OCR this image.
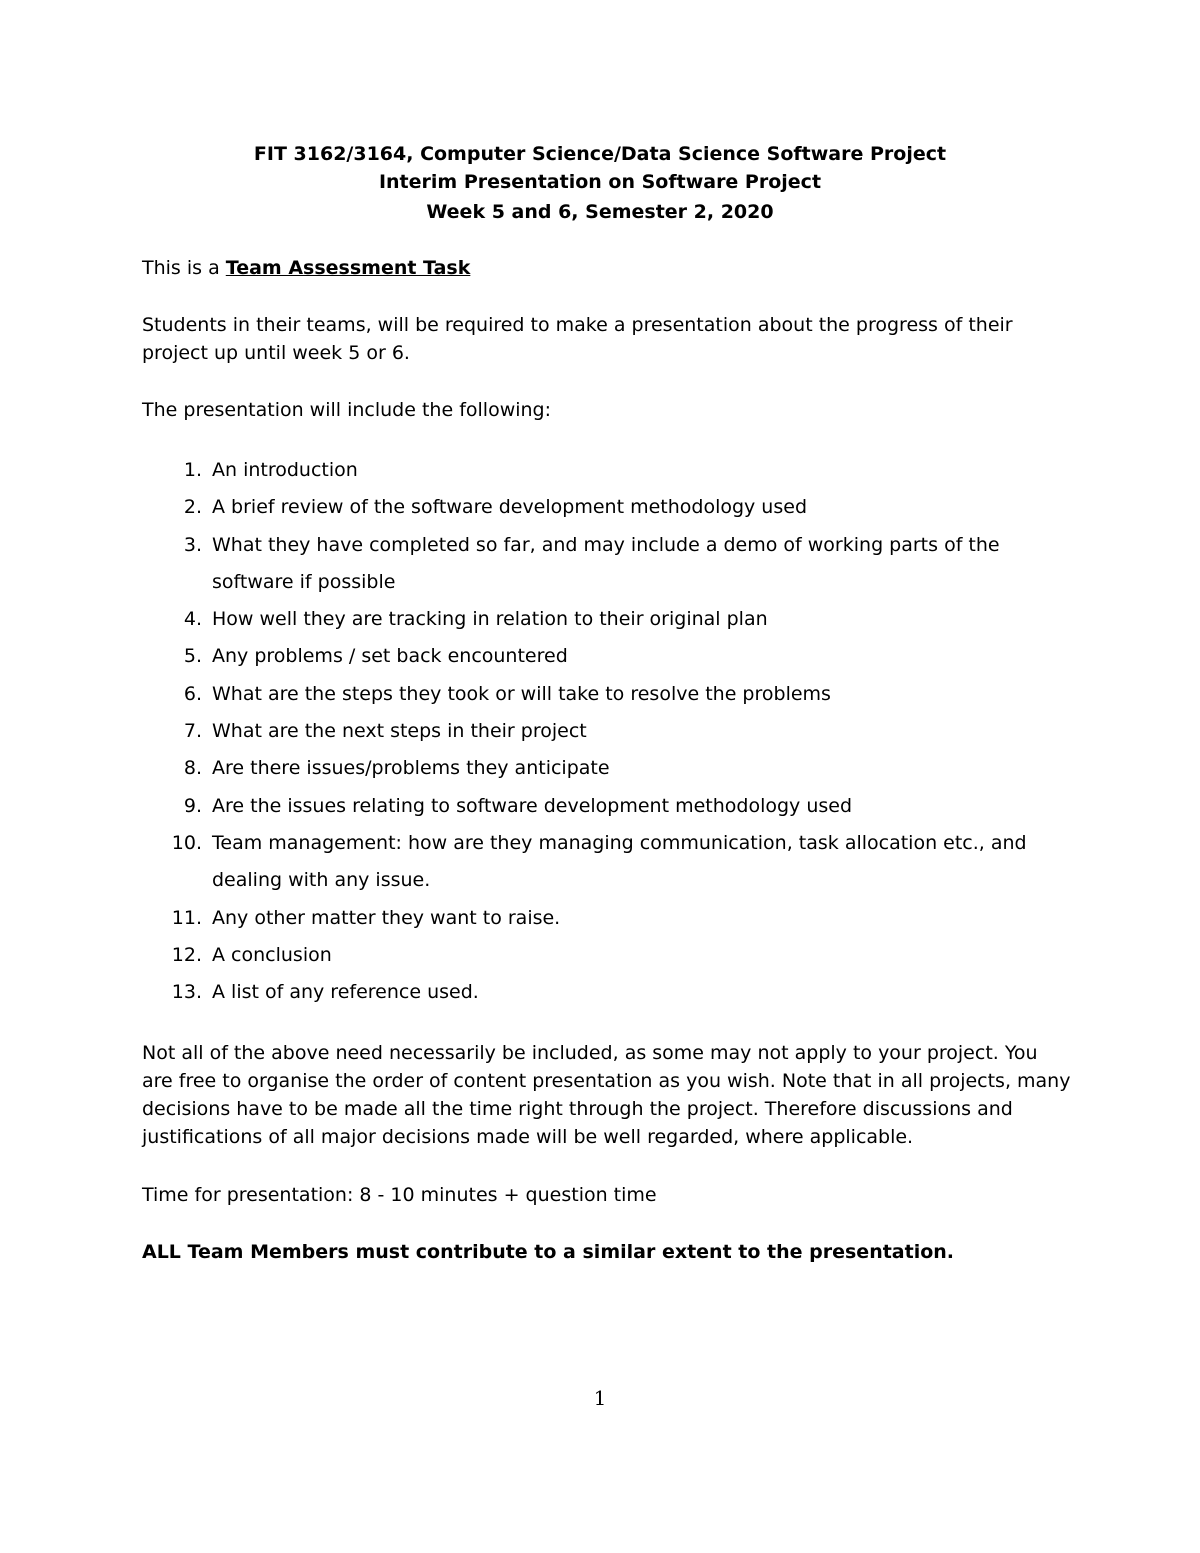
FIT 3162/3164, Computer Science/Data Science Software Project
Interim Presentation on Software Project
Week 5 and 6, Semester 2, 2020
This is a Team Assessment Task
Students in their teams, will be required to make a presentation about the progress of their project up until week 5 or 6.
The presentation will include the following:
1. An introduction
2. A brief review of the software development methodology used
3. What they have completed so far, and may include a demo of working parts of the software if possible
4. How well they are tracking in relation to their original plan
5. Any problems / set back encountered
6. What are the steps they took or will take to resolve the problems
7. What are the next steps in their project
8. Are there issues/problems they anticipate
9. Are the issues relating to software development methodology used
10. Team management: how are they managing communication, task allocation etc., and dealing with any issue.
11. Any other matter they want to raise.
12. A conclusion
13. A list of any reference used.
Not all of the above need necessarily be included, as some may not apply to your project. You are free to organise the order of content presentation as you wish. Note that in all projects, many decisions have to be made all the time right through the project. Therefore discussions and justifications of all major decisions made will be well regarded, where applicable.
Time for presentation: 8 - 10 minutes + question time
ALL Team Members must contribute to a similar extent to the presentation.
1
